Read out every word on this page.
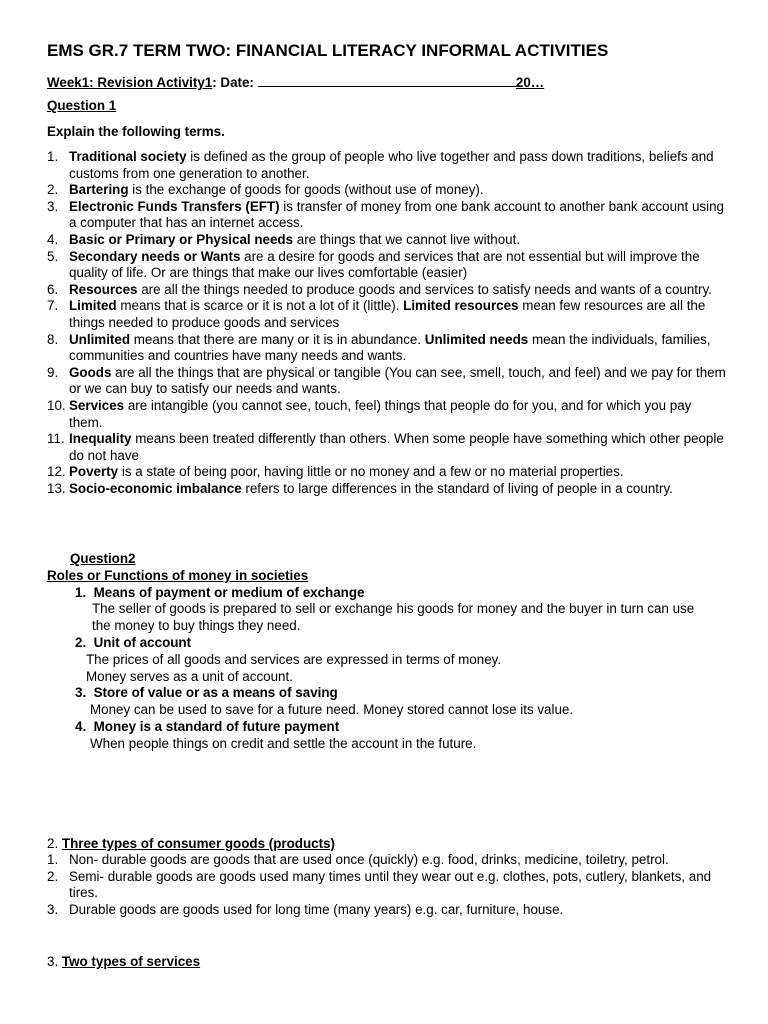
EMS GR.7 TERM TWO: FINANCIAL LITERACY INFORMAL ACTIVITIES
Week1: Revision Activity1: Date:	20…
Question 1
Explain the following terms.
1. Traditional society is defined as the group of people who live together and pass down traditions, beliefs and customs from one generation to another.
2. Bartering is the exchange of goods for goods (without use of money).
3. Electronic Funds Transfers (EFT) is transfer of money from one bank account to another bank account using a computer that has an internet access.
4. Basic or Primary or Physical needs are things that we cannot live without.
5. Secondary needs or Wants are a desire for goods and services that are not essential but will improve the quality of life. Or are things that make our lives comfortable (easier)
6. Resources are all the things needed to produce goods and services to satisfy needs and wants of a country.
7. Limited means that is scarce or it is not a lot of it (little). Limited resources mean few resources are all the things needed to produce goods and services
8. Unlimited means that there are many or it is in abundance. Unlimited needs mean the individuals, families, communities and countries have many needs and wants.
9. Goods are all the things that are physical or tangible (You can see, smell, touch, and feel) and we pay for them or we can buy to satisfy our needs and wants.
10. Services are intangible (you cannot see, touch, feel) things that people do for you, and for which you pay them.
11. Inequality means been treated differently than others. When some people have something which other people do not have
12. Poverty is a state of being poor, having little or no money and a few or no material properties.
13. Socio-economic imbalance refers to large differences in the standard of living of people in a country.
Question2
Roles or Functions of money in societies
1. Means of payment or medium of exchange
The seller of goods is prepared to sell or exchange his goods for money and the buyer in turn can use the money to buy things they need.
2. Unit of account
The prices of all goods and services are expressed in terms of money. Money serves as a unit of account.
3. Store of value or as a means of saving
Money can be used to save for a future need. Money stored cannot lose its value.
4. Money is a standard of future payment
When people things on credit and settle the account in the future.
2. Three types of consumer goods (products)
1. Non- durable goods are goods that are used once (quickly) e.g. food, drinks, medicine, toiletry, petrol.
2. Semi- durable goods are goods used many times until they wear out e.g. clothes, pots, cutlery, blankets, and tires.
3. Durable goods are goods used for long time (many years) e.g. car, furniture, house.
3. Two types of services
